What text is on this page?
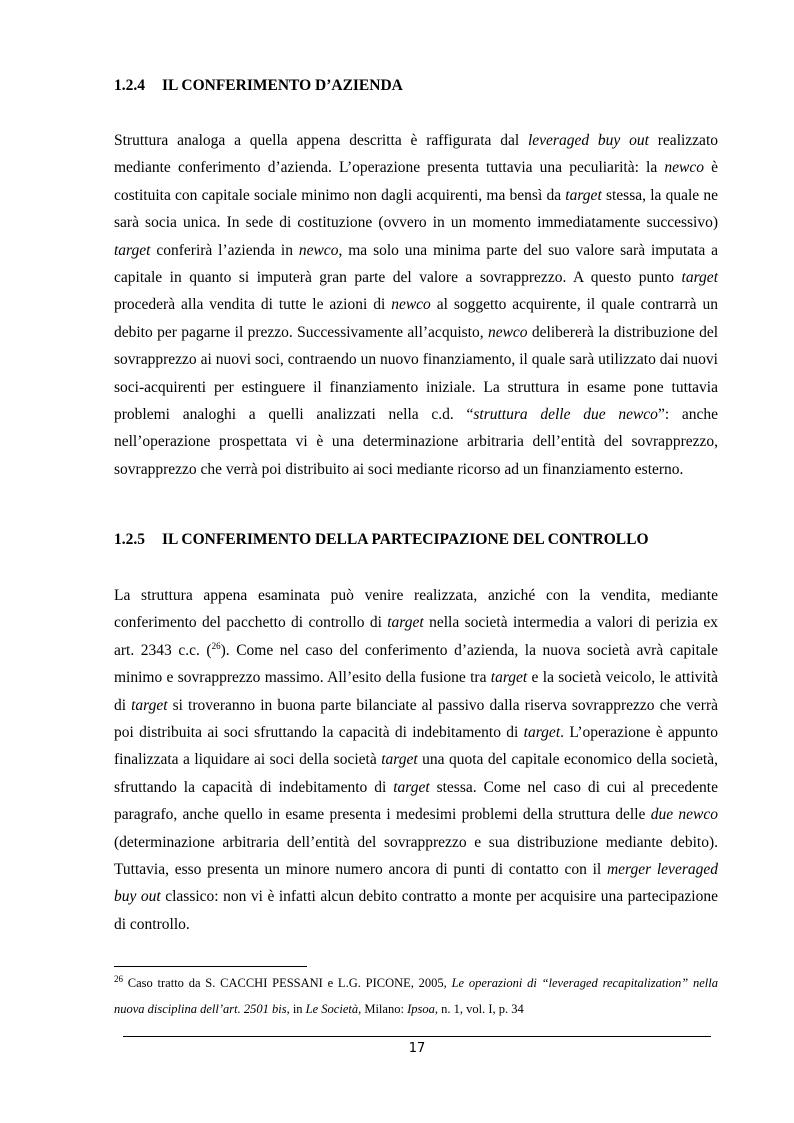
1.2.4 IL CONFERIMENTO D’AZIENDA

Struttura analoga a quella appena descritta è raffigurata dal leveraged buy out realizzato mediante conferimento d’azienda. L’operazione presenta tuttavia una peculiarità: la newco è costituita con capitale sociale minimo non dagli acquirenti, ma bensì da target stessa, la quale ne sarà socia unica. In sede di costituzione (ovvero in un momento immediatamente successivo) target conferirà l’azienda in newco, ma solo una minima parte del suo valore sarà imputata a capitale in quanto si imputerà gran parte del valore a sovrapprezzo. A questo punto target procederà alla vendita di tutte le azioni di newco al soggetto acquirente, il quale contrarrà un debito per pagarne il prezzo. Successivamente all’acquisto, newco delibererà la distribuzione del sovrapprezzo ai nuovi soci, contraendo un nuovo finanziamento, il quale sarà utilizzato dai nuovi soci-acquirenti per estinguere il finanziamento iniziale. La struttura in esame pone tuttavia problemi analoghi a quelli analizzati nella c.d. “struttura delle due newco”: anche nell’operazione prospettata vi è una determinazione arbitraria dell’entità del sovrapprezzo, sovrapprezzo che verrà poi distribuito ai soci mediante ricorso ad un finanziamento esterno.

1.2.5 IL CONFERIMENTO DELLA PARTECIPAZIONE DEL CONTROLLO

La struttura appena esaminata può venire realizzata, anziché con la vendita, mediante conferimento del pacchetto di controllo di target nella società intermedia a valori di perizia ex art. 2343 c.c. ($^{26}$). Come nel caso del conferimento d’azienda, la nuova società avrà capitale minimo e sovrapprezzo massimo. All’esito della fusione tra target e la società veicolo, le attività di target si troveranno in buona parte bilanciate al passivo dalla riserva sovrapprezzo che verrà poi distribuita ai soci sfruttando la capacità di indebitamento di target. L’operazione è appunto finalizzata a liquidare ai soci della società target una quota del capitale economico della società, sfruttando la capacità di indebitamento di target stessa. Come nel caso di cui al precedente paragrafo, anche quello in esame presenta i medesimi problemi della struttura delle due newco (determinazione arbitraria dell’entità del sovrapprezzo e sua distribuzione mediante debito). Tuttavia, esso presenta un minore numero ancora di punti di contatto con il merger leveraged buy out classico: non vi è infatti alcun debito contratto a monte per acquisire una partecipazione di controllo.

$^{26}$ Caso tratto da S. CACCHI PESSANI e L.G. PICONE, 2005, Le operazioni di “leveraged recapitalization” nella nuova disciplina dell’art. 2501 bis, in Le Società, Milano: Ipsoa, n. 1, vol. I, p. 34

17
